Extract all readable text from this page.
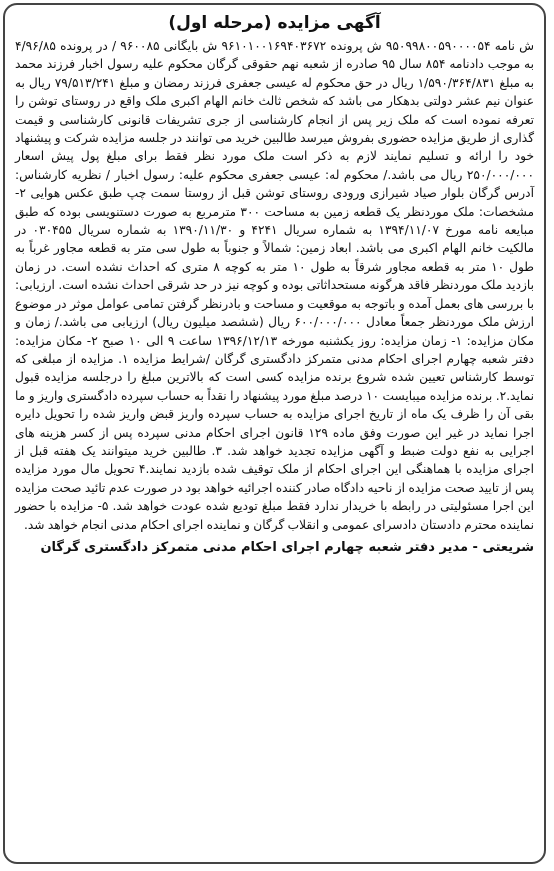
آگهی مزایده (مرحله اول)

ش نامه ۹۵۰۹۹۸۰۰۵۹۰۰۰۰۵۴ ش پرونده ۹۶۱۰۱۰۰۱۶۹۴۰۳۶۷۲ ش بایگانی ۹۶۰۰۸۵ / در پرونده ۴/۹۶/۸۵ به موجب دادنامه ۸۵۴ سال ۹۵ صادره از شعبه نهم حقوقی گرگان محکوم علیه رسول اخبار فرزند محمد به مبلغ ۱/۵۹۰/۳۶۴/۸۳۱ ریال در حق محکوم له عیسی جعفری فرزند رمضان و مبلغ ۷۹/۵۱۳/۲۴۱ ریال به عنوان نیم عشر دولتی بدهکار می باشد که شخص ثالث خانم الهام اکبری ملک واقع در روستای توشن را تعرفه نموده است که ملک زیر پس از انجام کارشناسی از جری تشریفات قانونی کارشناسی و قیمت گذاری از طریق مزایده حضوری بفروش میرسد طالبین خرید می توانند در جلسه مزایده شرکت و پیشنهاد خود را ارائه و تسلیم نمایند لازم به ذکر است ملک مورد نظر فقط برای مبلغ پول پیش اسعار ۲۵۰/۰۰۰/۰۰۰ ریال می باشد./ محکوم له: عیسی جعفری محکوم علیه: رسول اخبار / نظریه کارشناس: آدرس گرگان بلوار صیاد شیرازی ورودی روستای توشن قبل از روستا سمت چپ طبق عکس هوایی ۲- مشخصات: ملک موردنظر یک قطعه زمین به مساحت ۳۰۰ مترمربع به صورت دستنویسی بوده که طبق مبایعه نامه مورخ ۱۳۹۴/۱۱/۰۷ به شماره سریال ۴۲۴۱ و ۱۳۹۰/۱۱/۳۰ به شماره سریال ۰۳۰۴۵۵ در مالکیت خانم الهام اکبری می باشد. ابعاد زمین: شمالاً و جنوباً به طول سی متر به قطعه مجاور غرباً به طول ۱۰ متر به قطعه مجاور شرقاً به طول ۱۰ متر به کوچه ۸ متری که احداث نشده است. در زمان بازدید ملک موردنظر فاقد هرگونه مستحداثاتی بوده و کوچه نیز در حد شرقی احداث نشده است. ارزیابی: با بررسی های بعمل آمده و باتوجه به موقعیت و مساحت و بادرنظر گرفتن تمامی عوامل موثر در موضوع ارزش ملک موردنظر جمعاً معادل ۶۰۰/۰۰۰/۰۰۰ ریال (ششصد میلیون ریال) ارزیابی می باشد./ زمان و مکان مزایده: ۱- زمان مزایده: روز یکشنبه مورخه ۱۳۹۶/۱۲/۱۳ ساعت ۹ الی ۱۰ صبح ۲- مکان مزایده: دفتر شعبه چهارم اجرای احکام مدنی متمرکز دادگستری گرگان /شرایط مزایده ۱. مزایده از مبلغی که توسط کارشناس تعیین شده شروع برنده مزایده کسی است که بالاترین مبلغ را درجلسه مزایده قبول نماید.۲. برنده مزایده میبایست ۱۰ درصد مبلغ مورد پیشنهاد را نقداً به حساب سپرده دادگستری واریز و ما بقی آن را ظرف یک ماه از تاریخ اجرای مزایده به حساب سپرده واریز قبض واریز شده را تحویل دایره اجرا نماید در غیر این صورت وفق ماده ۱۲۹ قانون اجرای احکام مدنی سپرده پس از کسر هزینه های اجرایی به نفع دولت ضبط و آگهی مزایده تجدید خواهد شد. ۳. طالبین خرید میتوانند یک هفته قبل از اجرای مزایده با هماهنگی این اجرای احکام از ملک توقیف شده بازدید نمایند.۴ تحویل مال مورد مزایده پس از تایید صحت مزایده از ناحیه دادگاه صادر کننده اجرائیه خواهد بود در صورت عدم تائید صحت مزایده این اجرا مسئولیتی در رابطه با خریدار ندارد فقط مبلغ تودیع شده عودت خواهد شد. ۵- مزایده با حضور نماینده محترم دادستان دادسرای عمومی و انقلاب گرگان و نماینده اجرای احکام مدنی انجام خواهد شد.

شریعتی - مدیر دفتر شعبه چهارم اجرای احکام مدنی متمرکز دادگستری گرگان
